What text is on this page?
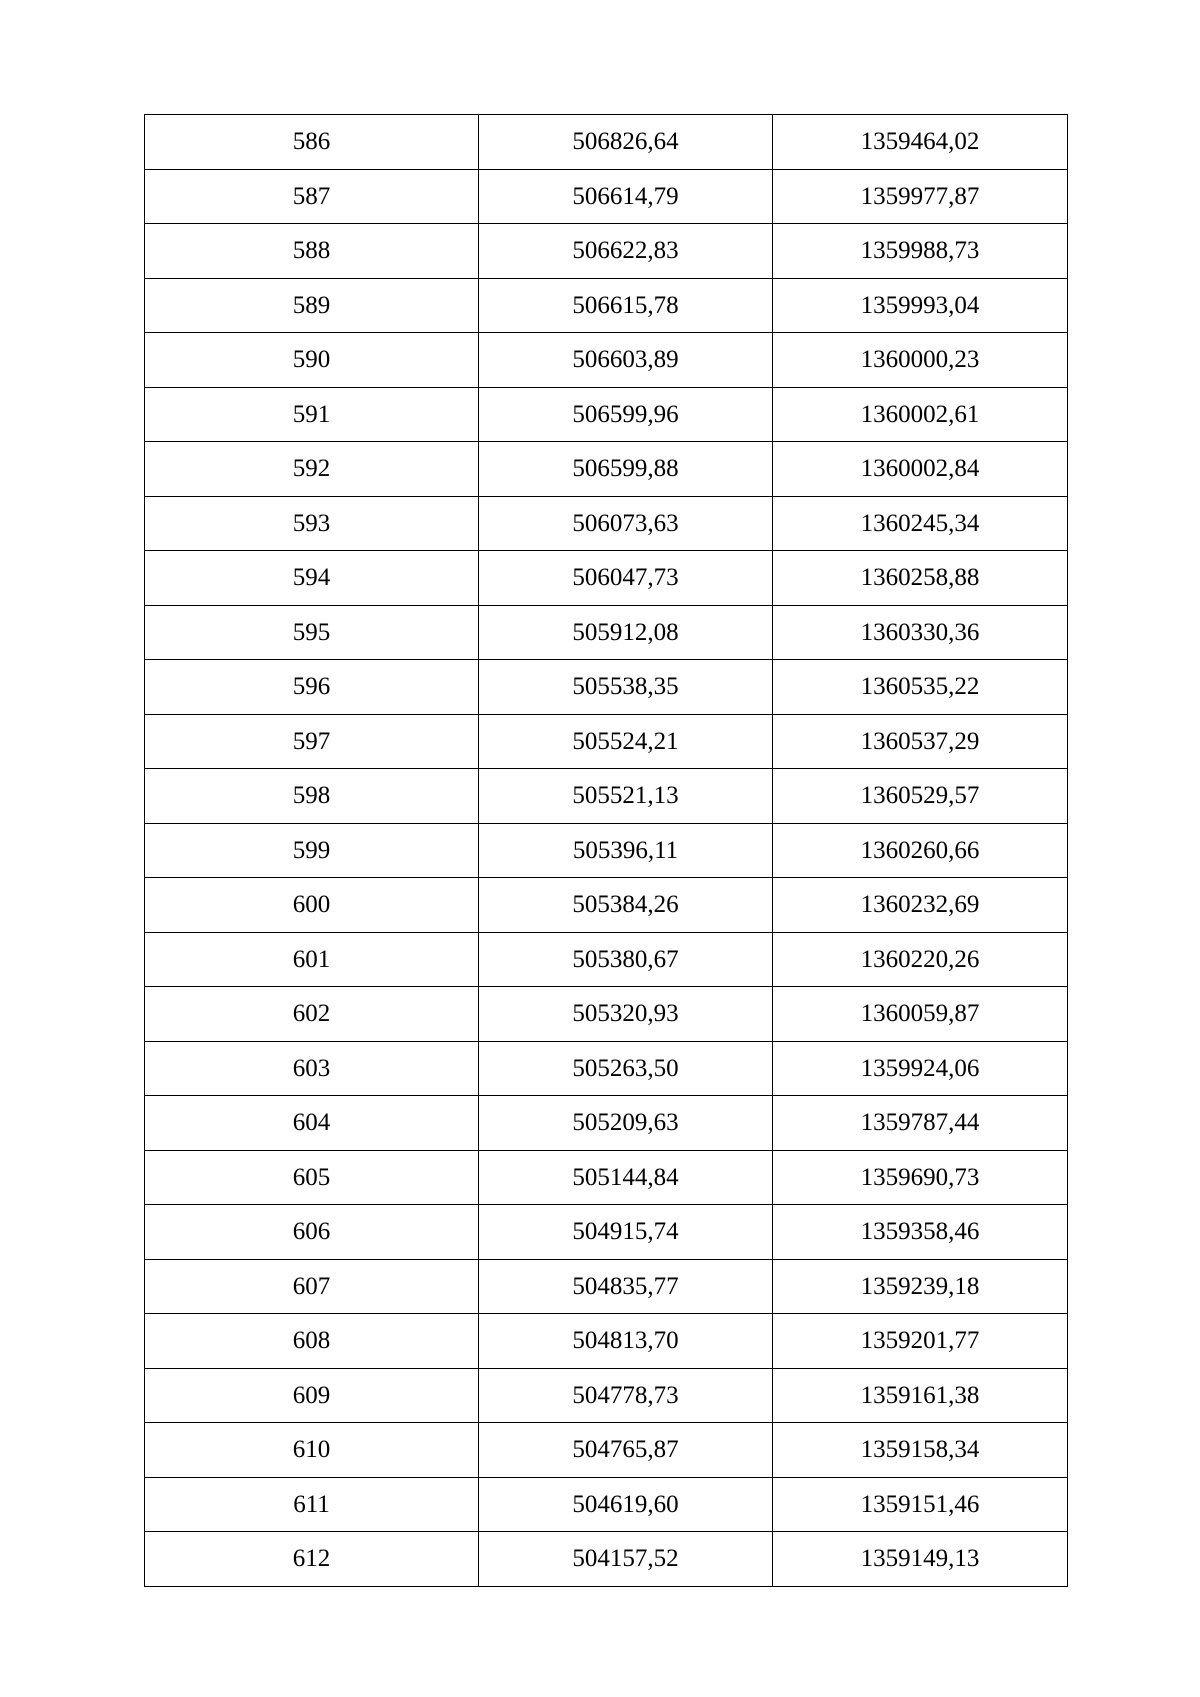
586	506826,64	1359464,02
587	506614,79	1359977,87
588	506622,83	1359988,73
589	506615,78	1359993,04
590	506603,89	1360000,23
591	506599,96	1360002,61
592	506599,88	1360002,84
593	506073,63	1360245,34
594	506047,73	1360258,88
595	505912,08	1360330,36
596	505538,35	1360535,22
597	505524,21	1360537,29
598	505521,13	1360529,57
599	505396,11	1360260,66
600	505384,26	1360232,69
601	505380,67	1360220,26
602	505320,93	1360059,87
603	505263,50	1359924,06
604	505209,63	1359787,44
605	505144,84	1359690,73
606	504915,74	1359358,46
607	504835,77	1359239,18
608	504813,70	1359201,77
609	504778,73	1359161,38
610	504765,87	1359158,34
611	504619,60	1359151,46
612	504157,52	1359149,13
